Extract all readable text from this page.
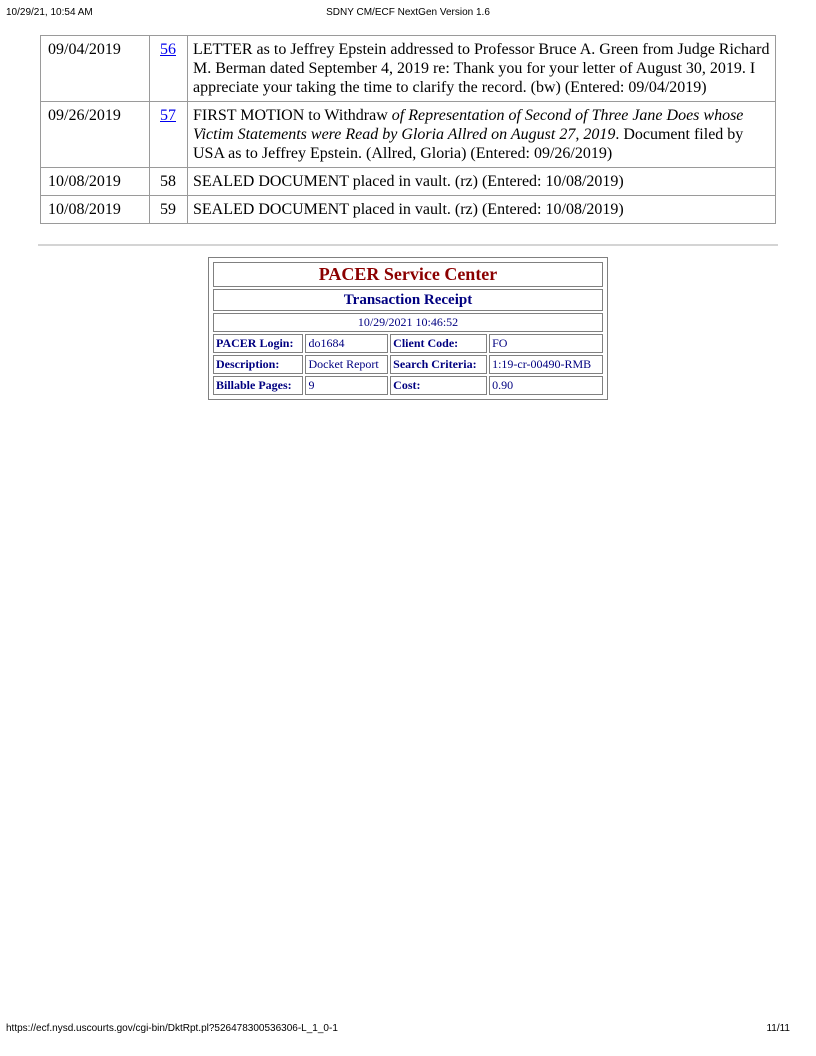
10/29/21, 10:54 AM	SDNY CM/ECF NextGen Version 1.6
09/04/2019	56	LETTER as to Jeffrey Epstein addressed to Professor Bruce A. Green from Judge Richard M. Berman dated September 4, 2019 re: Thank you for your letter of August 30, 2019. I appreciate your taking the time to clarify the record. (bw) (Entered: 09/04/2019)
09/26/2019	57	FIRST MOTION to Withdraw of Representation of Second of Three Jane Does whose Victim Statements were Read by Gloria Allred on August 27, 2019. Document filed by USA as to Jeffrey Epstein. (Allred, Gloria) (Entered: 09/26/2019)
10/08/2019	58	SEALED DOCUMENT placed in vault. (rz) (Entered: 10/08/2019)
10/08/2019	59	SEALED DOCUMENT placed in vault. (rz) (Entered: 10/08/2019)
PACER Service Center			
Transaction Receipt			
10/29/2021 10:46:52			
PACER Login:	do1684	Client Code:	FO
Description:	Docket Report	Search Criteria:	1:19-cr-00490-RMB
Billable Pages:	9	Cost:	0.90
https://ecf.nysd.uscourts.gov/cgi-bin/DktRpt.pl?526478300536306-L_1_0-1	11/11
